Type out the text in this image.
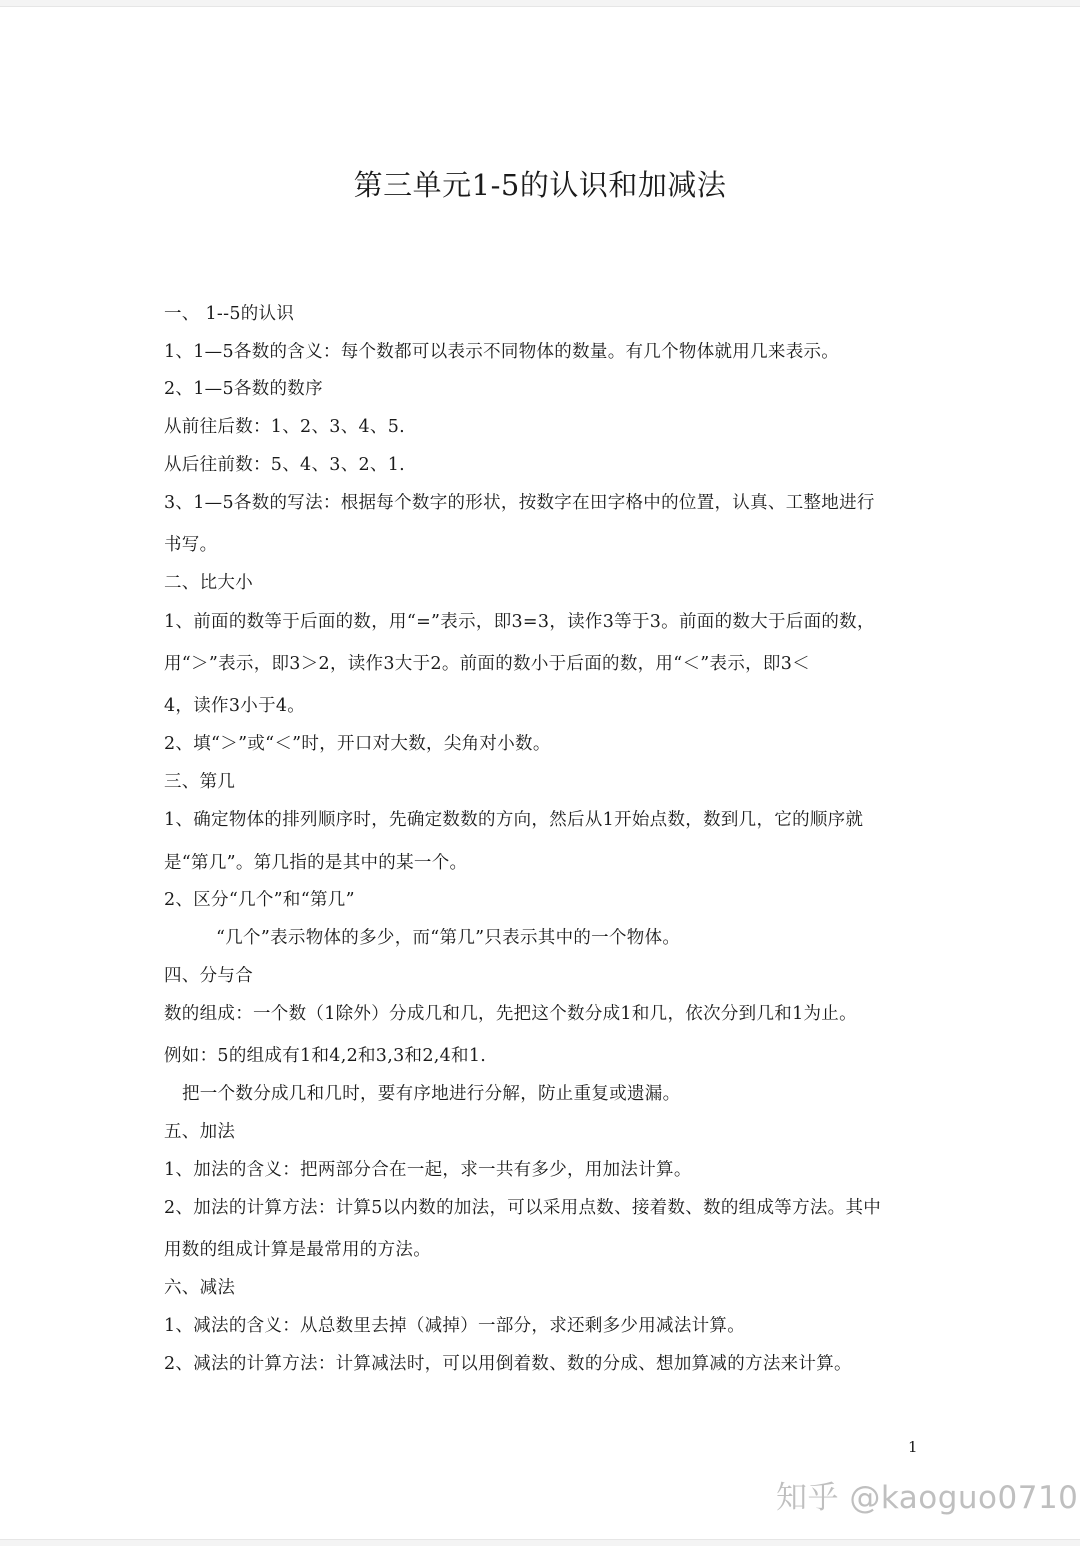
第三单元1-5的认识和加减法
一、 1--5的认识
1、1—5各数的含义：每个数都可以表示不同物体的数量。有几个物体就用几来表示。
2、1—5各数的数序
从前往后数：1、2、3、4、5.
从后往前数：5、4、3、2、1.
3、1—5各数的写法：根据每个数字的形状，按数字在田字格中的位置，认真、工整地进行
书写。
二、比大小
1、前面的数等于后面的数，用“=”表示，即3=3，读作3等于3。前面的数大于后面的数，
用“＞”表示，即3＞2，读作3大于2。前面的数小于后面的数，用“＜”表示，即3＜
4，读作3小于4。
2、填“＞”或“＜”时，开口对大数，尖角对小数。
三、第几
1、确定物体的排列顺序时，先确定数数的方向，然后从1开始点数，数到几，它的顺序就
是“第几”。第几指的是其中的某一个。
2、区分“几个”和“第几”
“几个”表示物体的多少，而“第几”只表示其中的一个物体。
四、分与合
数的组成：一个数（1除外）分成几和几，先把这个数分成1和几，依次分到几和1为止。
例如：5的组成有1和4,2和3,3和2,4和1.
把一个数分成几和几时，要有序地进行分解，防止重复或遗漏。
五、加法
1、加法的含义：把两部分合在一起，求一共有多少，用加法计算。
2、加法的计算方法：计算5以内数的加法，可以采用点数、接着数、数的组成等方法。其中
用数的组成计算是最常用的方法。
六、减法
1、减法的含义：从总数里去掉（减掉）一部分，求还剩多少用减法计算。
2、减法的计算方法：计算减法时，可以用倒着数、数的分成、想加算减的方法来计算。
1
知乎 @kaoguo0710
